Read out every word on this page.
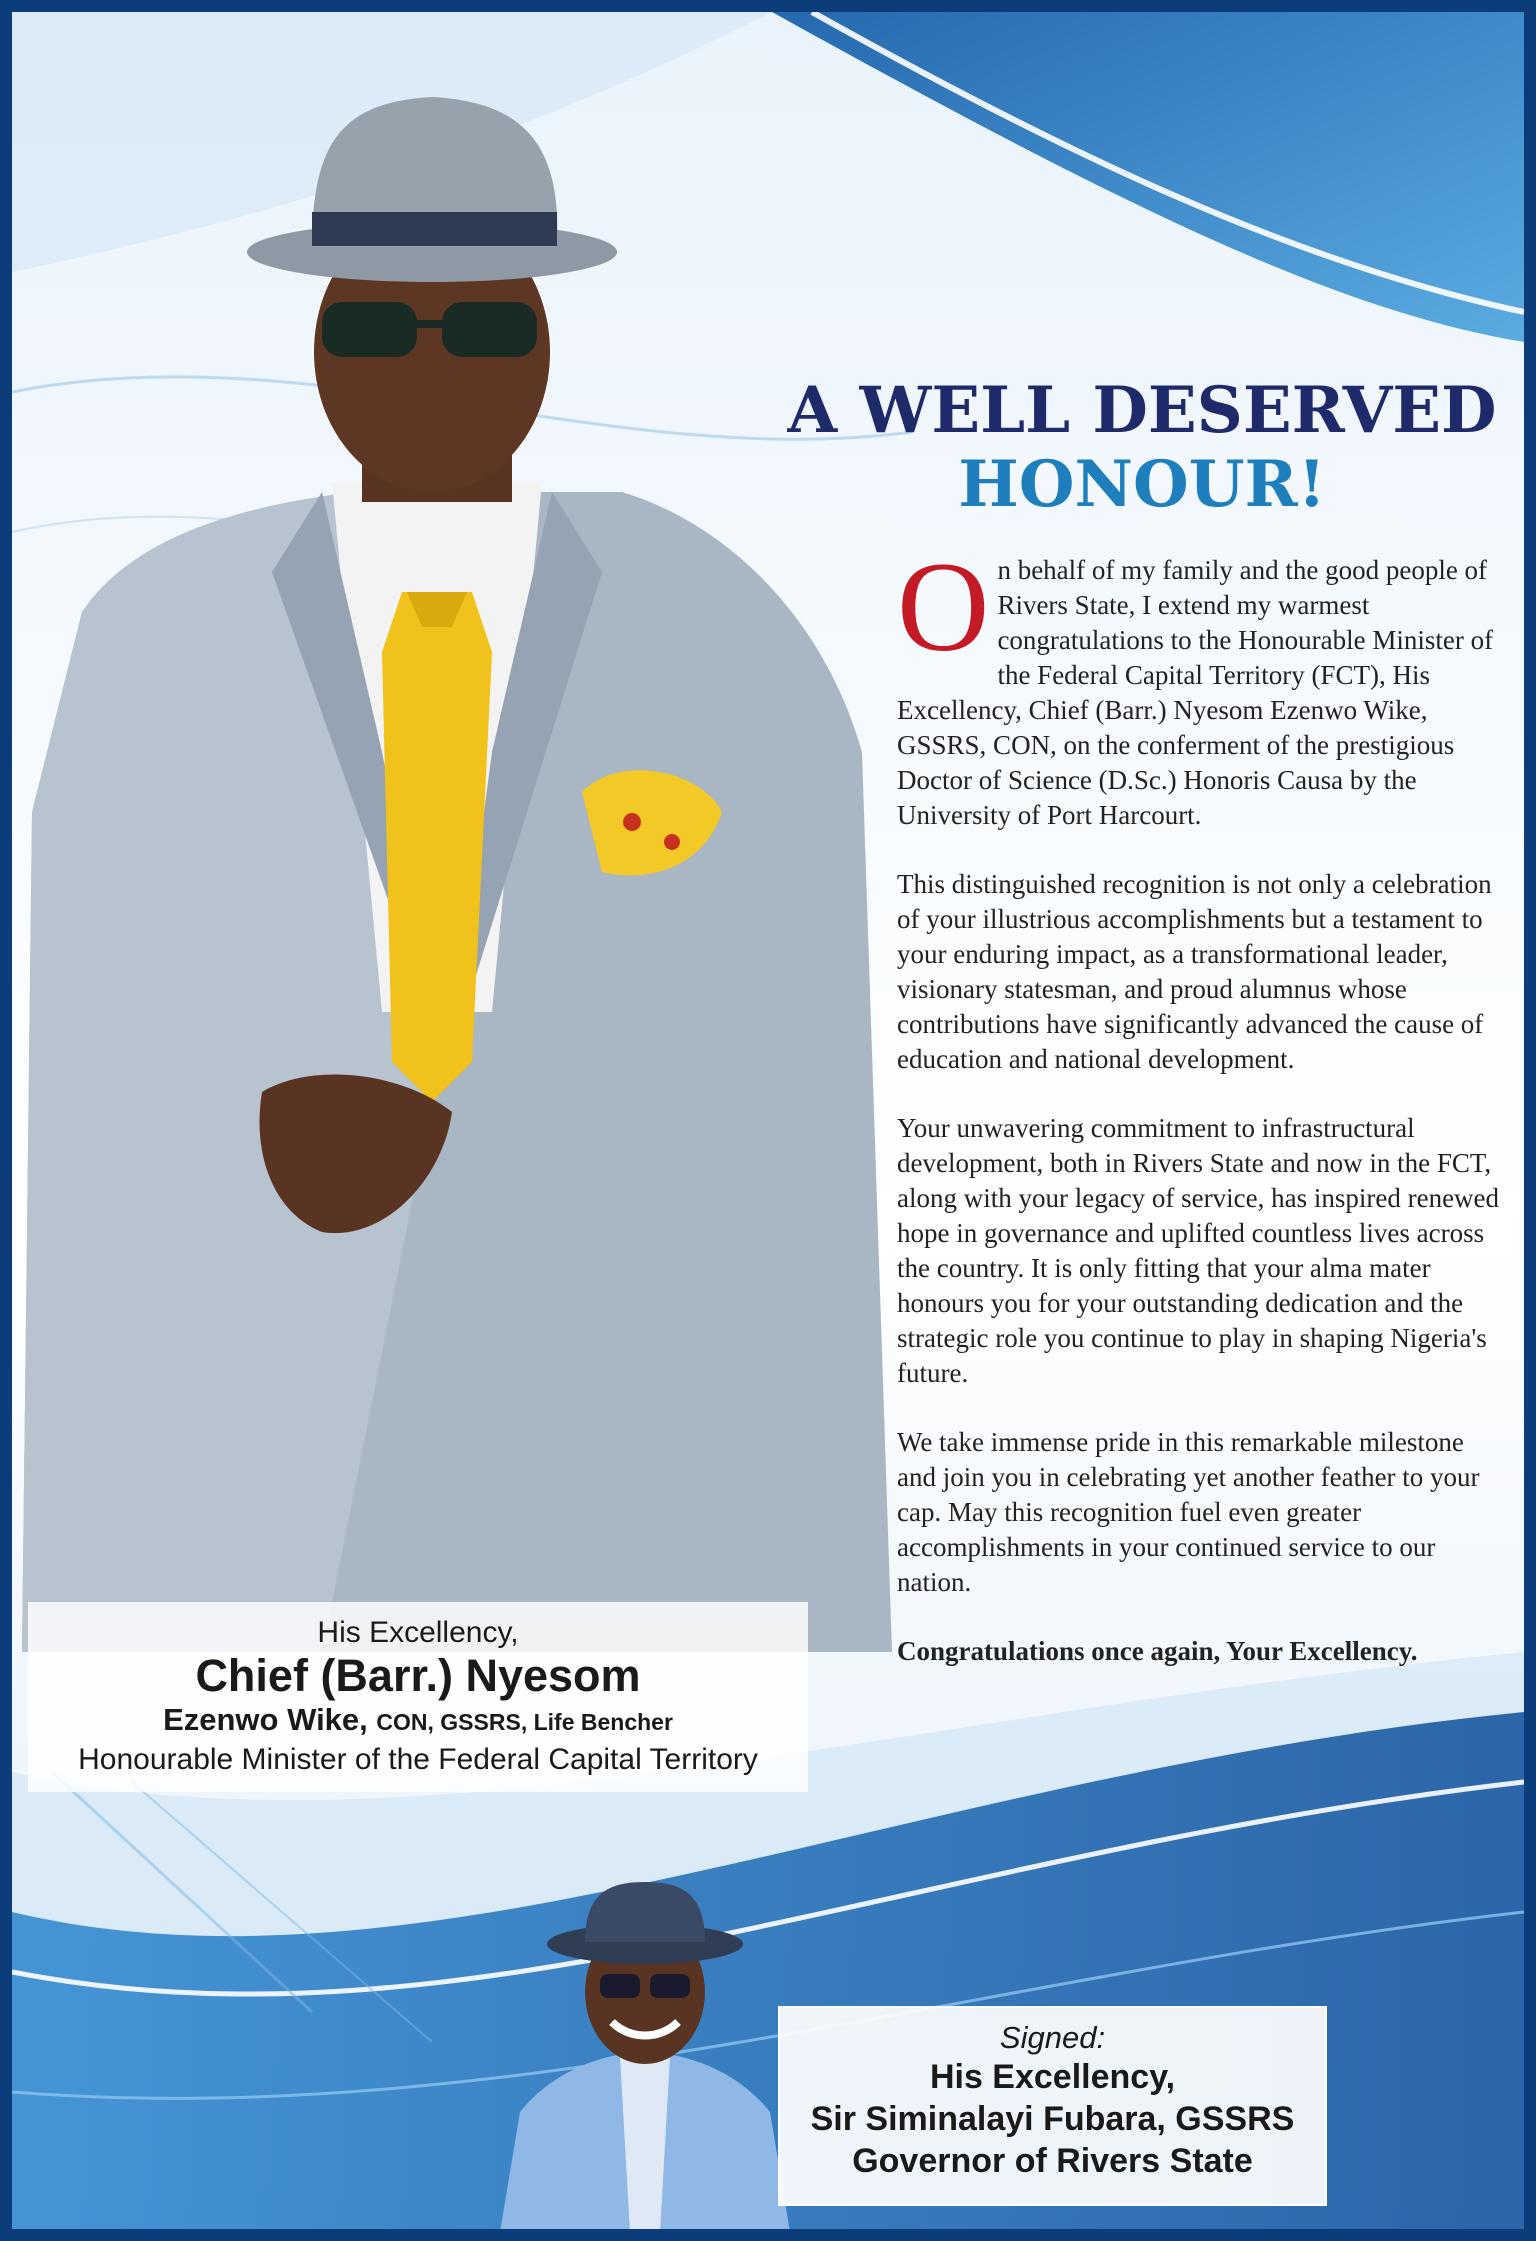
A WELL DESERVED
HONOUR!

On behalf of my family and the good people of Rivers State, I extend my warmest congratulations to the Honourable Minister of the Federal Capital Territory (FCT), His Excellency, Chief (Barr.) Nyesom Ezenwo Wike, GSSRS, CON, on the conferment of the prestigious Doctor of Science (D.Sc.) Honoris Causa by the University of Port Harcourt.

This distinguished recognition is not only a celebration of your illustrious accomplishments but a testament to your enduring impact, as a transformational leader, visionary statesman, and proud alumnus whose contributions have significantly advanced the cause of education and national development.

Your unwavering commitment to infrastructural development, both in Rivers State and now in the FCT, along with your legacy of service, has inspired renewed hope in governance and uplifted countless lives across the country. It is only fitting that your alma mater honours you for your outstanding dedication and the strategic role you continue to play in shaping Nigeria's future.

We take immense pride in this remarkable milestone and join you in celebrating yet another feather to your cap. May this recognition fuel even greater accomplishments in your continued service to our nation.

Congratulations once again, Your Excellency.

His Excellency,
Chief (Barr.) Nyesom
Ezenwo Wike, CON, GSSRS, Life Bencher
Honourable Minister of the Federal Capital Territory
Signed:
His Excellency,
Sir Siminalayi Fubara, GSSRS
Governor of Rivers State
